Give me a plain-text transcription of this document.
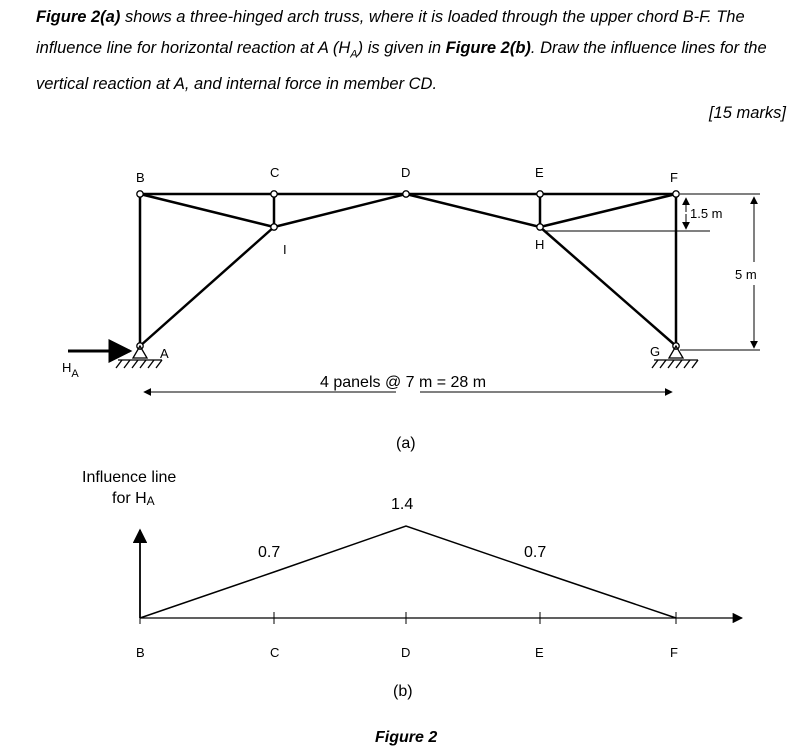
Figure 2(a) shows a three-hinged arch truss, where it is loaded through the upper chord B-F. The influence line for horizontal reaction at A $(H_A)$ is given in Figure 2(b). Draw the influence lines for the vertical reaction at A, and internal force in member CD.
[15 marks]
B	C	D	E	F
I	H
A	G
$H_A$
1.5 m
5 m
4 panels @ 7 m = 28 m
(a)
Influence line
for HA
0.7
1.4
0.7
B	C	D	E	F
(b)
Figure 2
